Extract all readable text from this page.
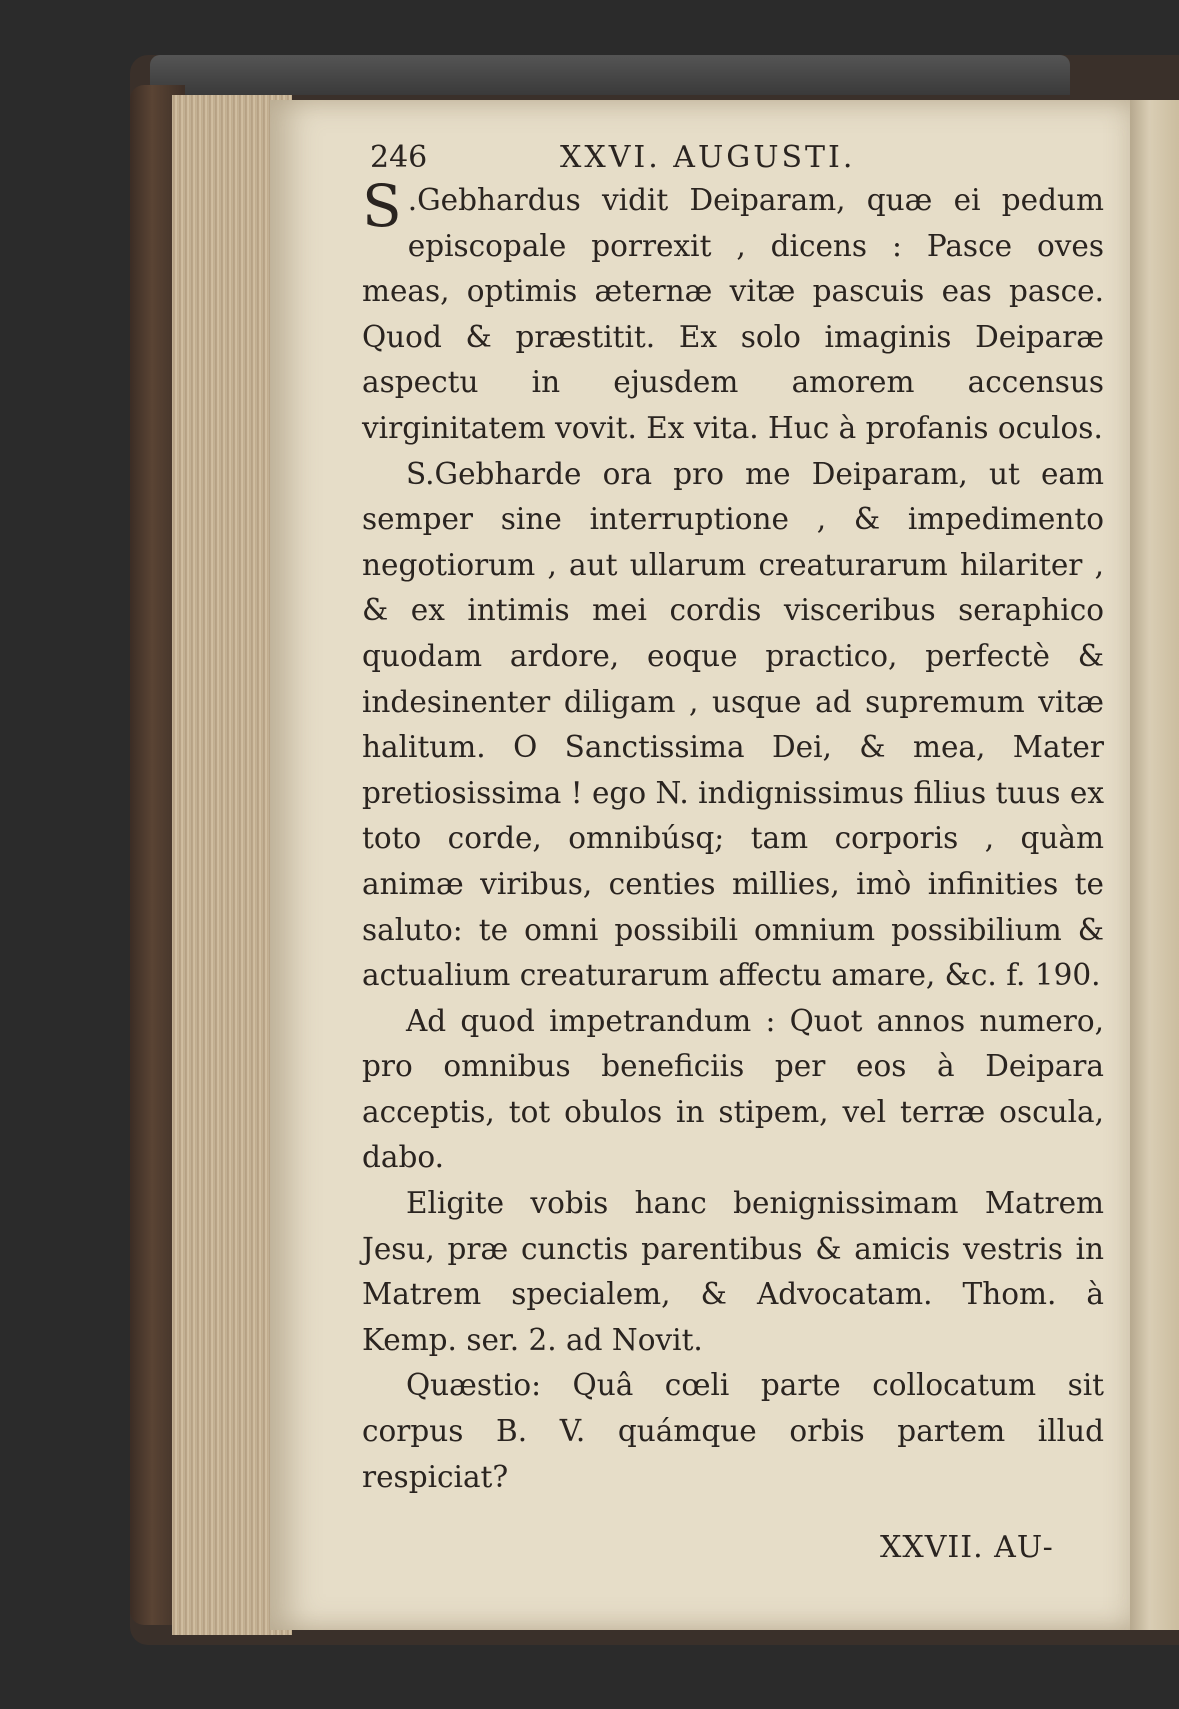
246	XXVI. AUGUSTI.

S .Gebhardus vidit Deiparam, quæ ei pedum episcopale porrexit , dicens : Pasce oves meas, optimis æternæ vitæ pascuis eas pasce. Quod & præstitit. Ex solo imaginis Deiparæ aspectu in ejusdem amorem accensus virginitatem vovit. Ex vita. Huc à profanis oculos.

S.Gebharde ora pro me Deiparam, ut eam semper sine interruptione , & impedimento negotiorum , aut ullarum creaturarum hilariter , & ex intimis mei cordis visceribus seraphico quodam ardore, eoque practico, perfectè & indesinenter diligam , usque ad supremum vitæ halitum. O Sanctissima Dei, & mea, Mater pretiosissima ! ego N. indignissimus filius tuus ex toto corde, omnibúsq; tam corporis , quàm animæ viribus, centies millies, imò infinities te saluto: te omni possibili omnium possibilium & actualium creaturarum affectu amare, &c. f. 190.

Ad quod impetrandum : Quot annos numero, pro omnibus beneficiis per eos à Deipara acceptis, tot obulos in stipem, vel terræ oscula, dabo.

Eligite vobis hanc benignissimam Matrem Jesu, præ cunctis parentibus & amicis vestris in Matrem specialem, & Advocatam. Thom. à Kemp. ser. 2. ad Novit.

Quæstio: Quâ cœli parte collocatum sit corpus B. V. quámque orbis partem illud respiciat?

XXVII. AU-
